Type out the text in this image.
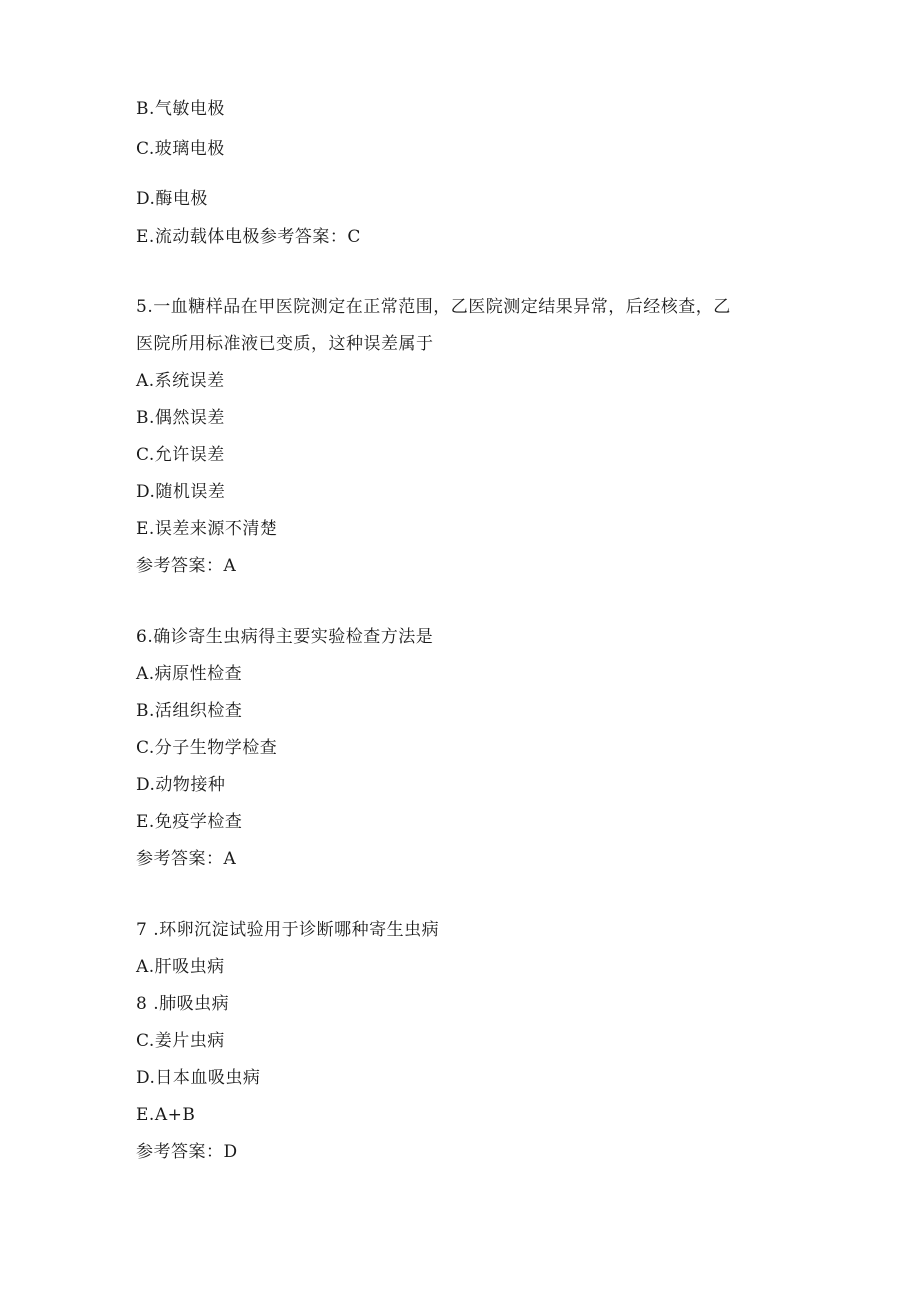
B.气敏电极
C.玻璃电极
D.酶电极
E.流动载体电极参考答案：C
5.一血糖样品在甲医院测定在正常范围，乙医院测定结果异常，后经核查，乙
医院所用标准液已变质，这种误差属于
A.系统误差
B.偶然误差
C.允许误差
D.随机误差
E.误差来源不清楚
参考答案：A
6.确诊寄生虫病得主要实验检查方法是
A.病原性检查
B.活组织检查
C.分子生物学检查
D.动物接种
E.免疫学检查
参考答案：A
7 .环卵沉淀试验用于诊断哪种寄生虫病
A.肝吸虫病
8 .肺吸虫病
C.姜片虫病
D.日本血吸虫病
E.A+B
参考答案：D
